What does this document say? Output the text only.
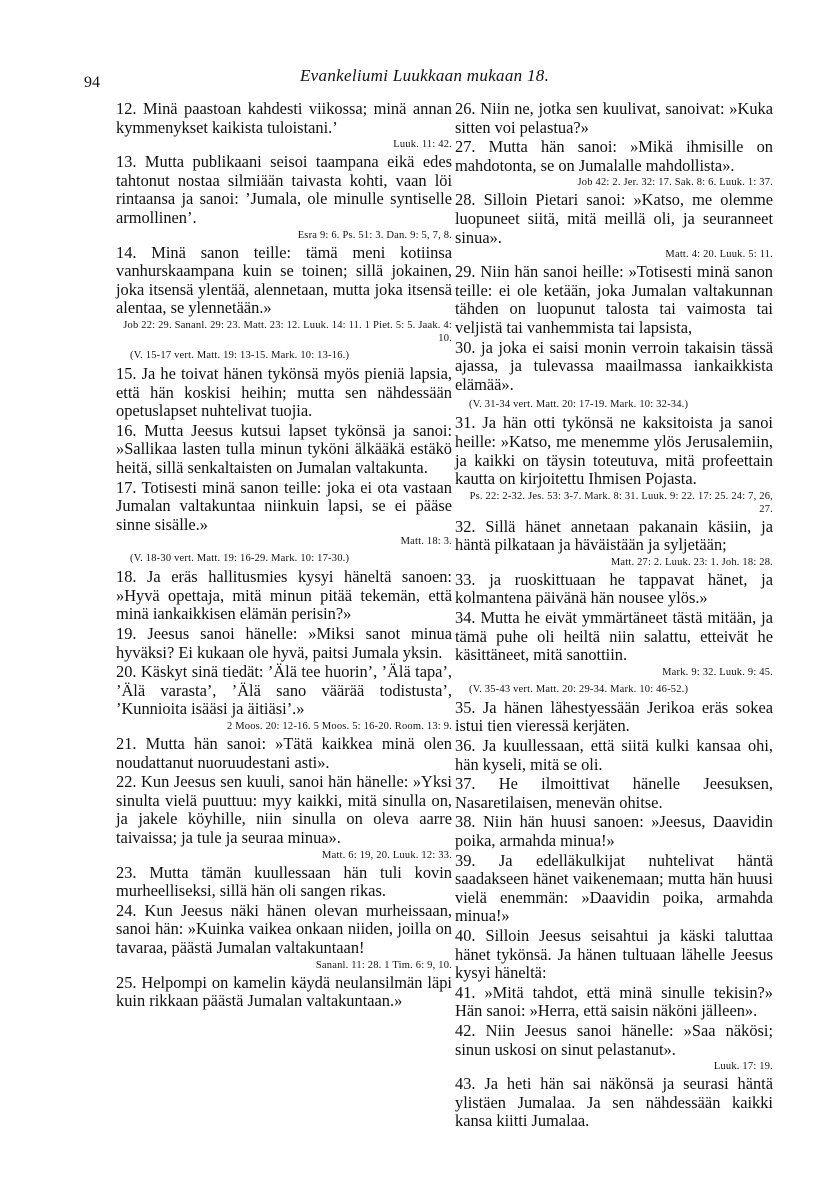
94	Evankeliumi Luukkaan mukaan 18.

12. Minä paastoan kahdesti viikossa; minä annan kymmenykset kaikista tuloistani.’

Luuk. 11: 42.

13. Mutta publikaani seisoi taampana eikä edes tahtonut nostaa silmiään taivasta kohti, vaan löi rintaansa ja sanoi: ’Jumala, ole minulle syntiselle armollinen’.

Esra 9: 6. Ps. 51: 3. Dan. 9: 5, 7, 8.

14. Minä sanon teille: tämä meni kotiinsa vanhurskaampana kuin se toinen; sillä jokainen, joka itsensä ylentää, alennetaan, mutta joka itsensä alentaa, se ylennetään.»

Job 22: 29. Sananl. 29: 23. Matt. 23: 12. Luuk. 14: 11. 1 Piet. 5: 5. Jaak. 4: 10.
(V. 15-17 vert. Matt. 19: 13-15. Mark. 10: 13-16.)

15. Ja he toivat hänen tykönsä myös pieniä lapsia, että hän koskisi heihin; mutta sen nähdessään opetuslapset nuhtelivat tuojia.

16. Mutta Jeesus kutsui lapset tykönsä ja sanoi: »Sallikaa lasten tulla minun tyköni älkääkä estäkö heitä, sillä senkaltaisten on Jumalan valtakunta.

17. Totisesti minä sanon teille: joka ei ota vastaan Jumalan valtakuntaa niinkuin lapsi, se ei pääse sinne sisälle.»

Matt. 18: 3.
(V. 18-30 vert. Matt. 19: 16-29. Mark. 10: 17-30.)

18. Ja eräs hallitusmies kysyi häneltä sanoen: »Hyvä opettaja, mitä minun pitää tekemän, että minä iankaikkisen elämän perisin?»

19. Jeesus sanoi hänelle: »Miksi sanot minua hyväksi? Ei kukaan ole hyvä, paitsi Jumala yksin.

20. Käskyt sinä tiedät: ’Älä tee huorin’, ’Älä tapa’, ’Älä varasta’, ’Älä sano väärää todistusta’, ’Kunnioita isääsi ja äitiäsi’.»

2 Moos. 20: 12-16. 5 Moos. 5: 16-20. Room. 13: 9.

21. Mutta hän sanoi: »Tätä kaikkea minä olen noudattanut nuoruudestani asti».

22. Kun Jeesus sen kuuli, sanoi hän hänelle: »Yksi sinulta vielä puuttuu: myy kaikki, mitä sinulla on, ja jakele köyhille, niin sinulla on oleva aarre taivaissa; ja tule ja seuraa minua».

Matt. 6: 19, 20. Luuk. 12: 33.

23. Mutta tämän kuullessaan hän tuli kovin murheelliseksi, sillä hän oli sangen rikas.

24. Kun Jeesus näki hänen olevan murheissaan, sanoi hän: »Kuinka vaikea onkaan niiden, joilla on tavaraa, päästä Jumalan valtakuntaan!

Sananl. 11: 28. 1 Tim. 6: 9, 10.

25. Helpompi on kamelin käydä neulansilmän läpi kuin rikkaan päästä Jumalan valtakuntaan.»

26. Niin ne, jotka sen kuulivat, sanoivat: »Kuka sitten voi pelastua?»

27. Mutta hän sanoi: »Mikä ihmisille on mahdotonta, se on Jumalalle mahdollista».

Job 42: 2. Jer. 32: 17. Sak. 8: 6. Luuk. 1: 37.

28. Silloin Pietari sanoi: »Katso, me olemme luopuneet siitä, mitä meillä oli, ja seuranneet sinua».

Matt. 4: 20. Luuk. 5: 11.

29. Niin hän sanoi heille: »Totisesti minä sanon teille: ei ole ketään, joka Jumalan valtakunnan tähden on luopunut talosta tai vaimosta tai veljistä tai vanhemmista tai lapsista,

30. ja joka ei saisi monin verroin takaisin tässä ajassa, ja tulevassa maailmassa iankaikkista elämää».

(V. 31-34 vert. Matt. 20: 17-19. Mark. 10: 32-34.)

31. Ja hän otti tykönsä ne kaksitoista ja sanoi heille: »Katso, me menemme ylös Jerusalemiin, ja kaikki on täysin toteutuva, mitä profeettain kautta on kirjoitettu Ihmisen Pojasta.

Ps. 22: 2-32. Jes. 53: 3-7. Mark. 8: 31. Luuk. 9: 22. 17: 25. 24: 7, 26, 27.

32. Sillä hänet annetaan pakanain käsiin, ja häntä pilkataan ja häväistään ja syljetään;

Matt. 27: 2. Luuk. 23: 1. Joh. 18: 28.

33. ja ruoskittuaan he tappavat hänet, ja kolmantena päivänä hän nousee ylös.»

34. Mutta he eivät ymmärtäneet tästä mitään, ja tämä puhe oli heiltä niin salattu, etteivät he käsittäneet, mitä sanottiin.

Mark. 9: 32. Luuk. 9: 45.
(V. 35-43 vert. Matt. 20: 29-34. Mark. 10: 46-52.)

35. Ja hänen lähestyessään Jerikoa eräs sokea istui tien vieressä kerjäten.

36. Ja kuullessaan, että siitä kulki kansaa ohi, hän kyseli, mitä se oli.

37. He ilmoittivat hänelle Jeesuksen, Nasaretilaisen, menevän ohitse.

38. Niin hän huusi sanoen: »Jeesus, Daavidin poika, armahda minua!»

39. Ja edelläkulkijat nuhtelivat häntä saadakseen hänet vaikenemaan; mutta hän huusi vielä enemmän: »Daavidin poika, armahda minua!»

40. Silloin Jeesus seisahtui ja käski taluttaa hänet tykönsä. Ja hänen tultuaan lähelle Jeesus kysyi häneltä:

41. »Mitä tahdot, että minä sinulle tekisin?» Hän sanoi: »Herra, että saisin näköni jälleen».

42. Niin Jeesus sanoi hänelle: »Saa näkösi; sinun uskosi on sinut pelastanut».

Luuk. 17: 19.

43. Ja heti hän sai näkönsä ja seurasi häntä ylistäen Jumalaa. Ja sen nähdessään kaikki kansa kiitti Jumalaa.
